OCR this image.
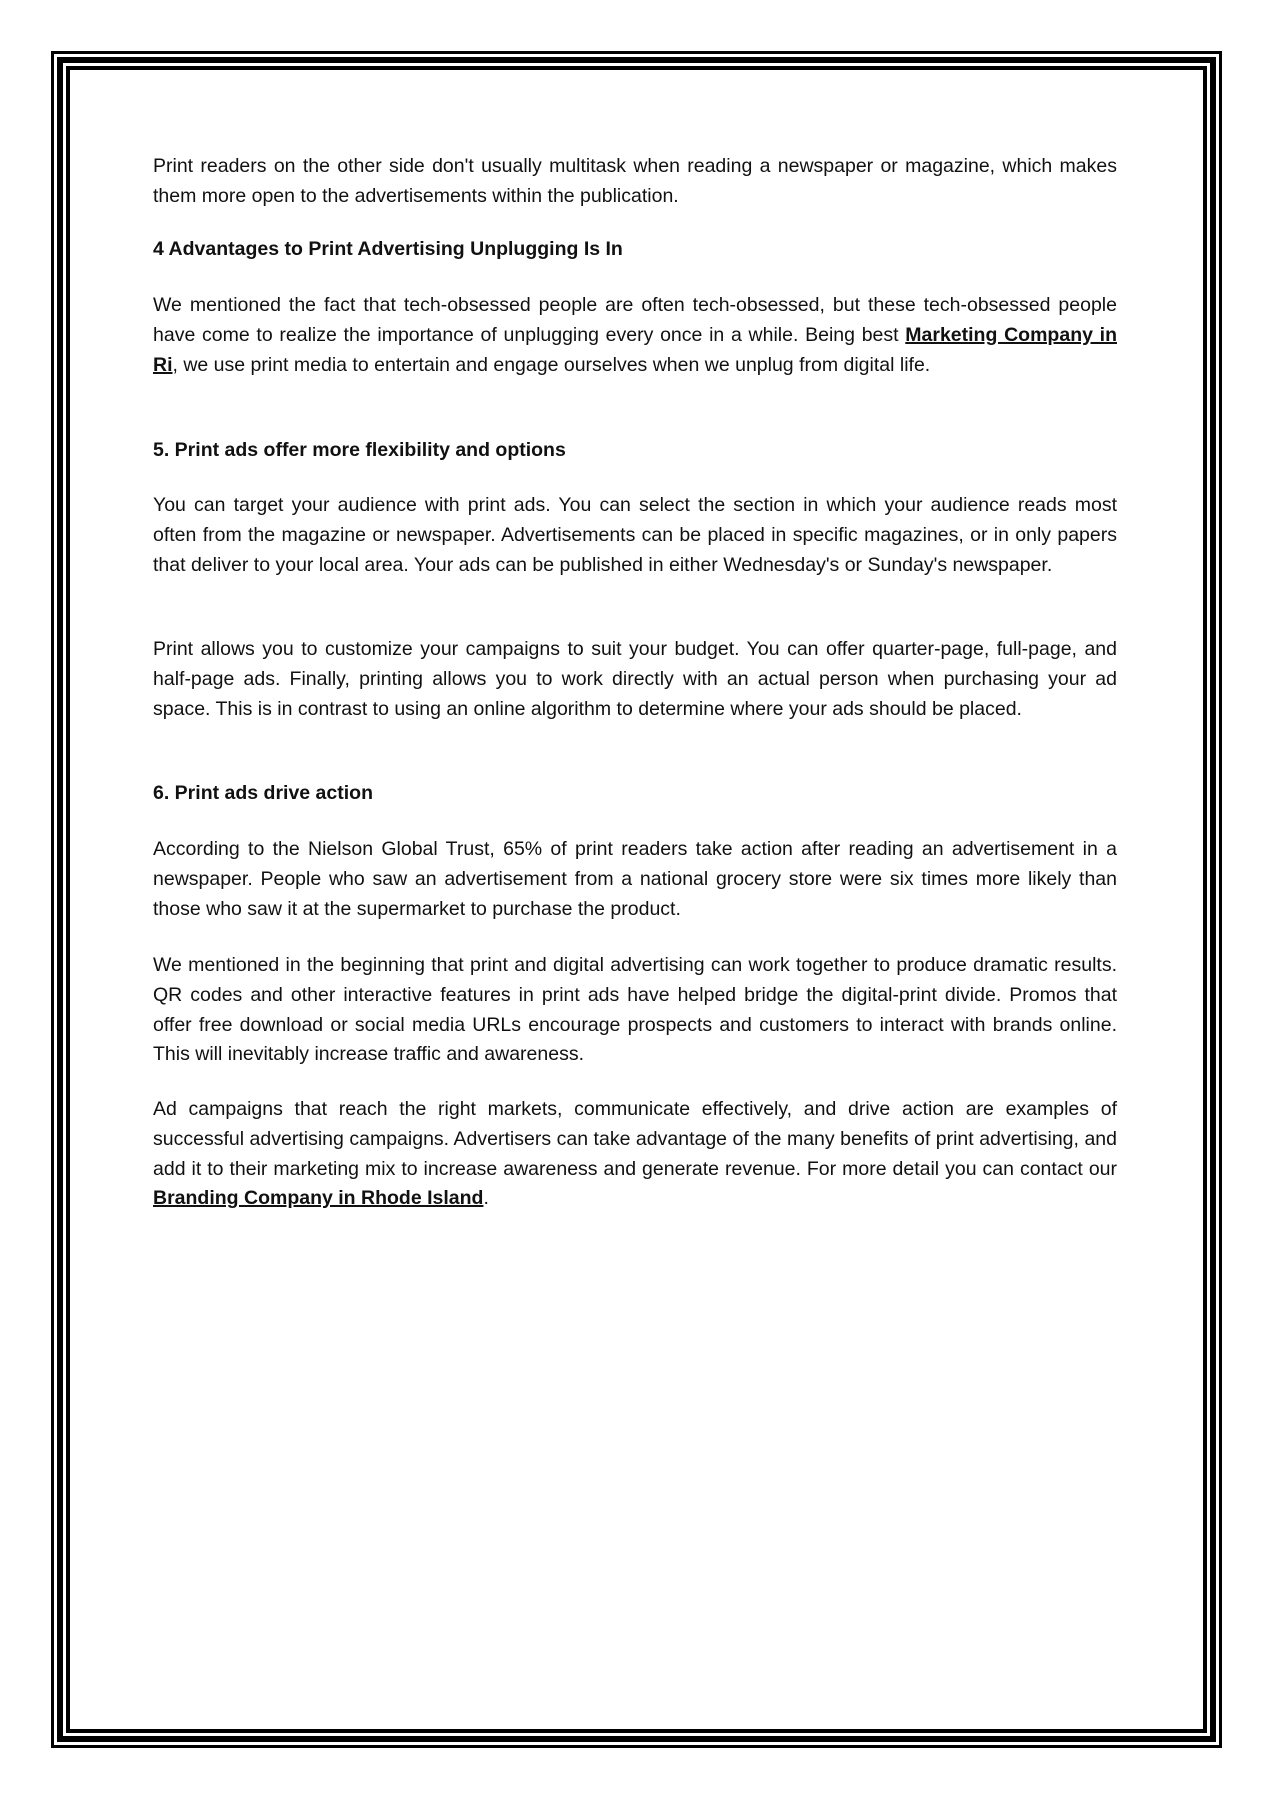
Print readers on the other side don't usually multitask when reading a newspaper or magazine, which makes them more open to the advertisements within the publication.

4 Advantages to Print Advertising Unplugging Is In

We mentioned the fact that tech-obsessed people are often tech-obsessed, but these tech-obsessed people have come to realize the importance of unplugging every once in a while. Being best Marketing Company in Ri, we use print media to entertain and engage ourselves when we unplug from digital life.

5. Print ads offer more flexibility and options

You can target your audience with print ads. You can select the section in which your audience reads most often from the magazine or newspaper. Advertisements can be placed in specific magazines, or in only papers that deliver to your local area. Your ads can be published in either Wednesday's or Sunday's newspaper.

Print allows you to customize your campaigns to suit your budget. You can offer quarter-page, full-page, and half-page ads. Finally, printing allows you to work directly with an actual person when purchasing your ad space. This is in contrast to using an online algorithm to determine where your ads should be placed.

6. Print ads drive action

According to the Nielson Global Trust, 65% of print readers take action after reading an advertisement in a newspaper. People who saw an advertisement from a national grocery store were six times more likely than those who saw it at the supermarket to purchase the product.

We mentioned in the beginning that print and digital advertising can work together to produce dramatic results. QR codes and other interactive features in print ads have helped bridge the digital-print divide. Promos that offer free download or social media URLs encourage prospects and customers to interact with brands online. This will inevitably increase traffic and awareness.

Ad campaigns that reach the right markets, communicate effectively, and drive action are examples of successful advertising campaigns. Advertisers can take advantage of the many benefits of print advertising, and add it to their marketing mix to increase awareness and generate revenue. For more detail you can contact our Branding Company in Rhode Island.
